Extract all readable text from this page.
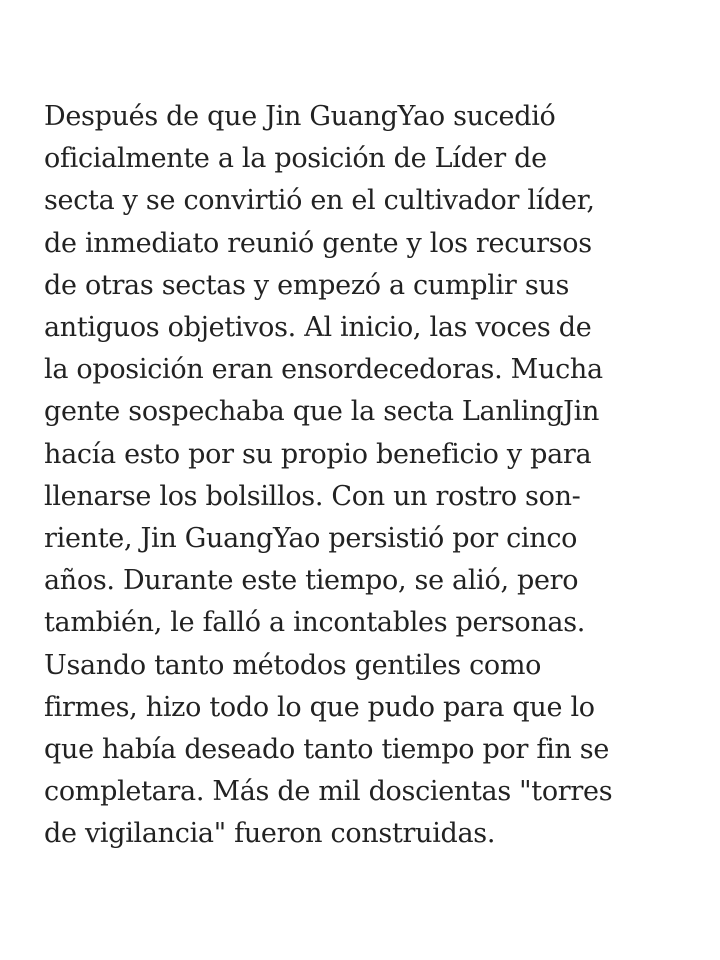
Después de que Jin GuangYao sucedió
oficialmente a la posición de Líder de
secta y se convirtió en el cultivador líder,
de inmediato reunió gente y los recursos
de otras sectas y empezó a cumplir sus
antiguos objetivos. Al inicio, las voces de
la oposición eran ensordecedoras. Mucha
gente sospechaba que la secta LanlingJin
hacía esto por su propio beneficio y para
llenarse los bolsillos. Con un rostro son-
riente, Jin GuangYao persistió por cinco
años. Durante este tiempo, se alió, pero
también, le falló a incontables personas.
Usando tanto métodos gentiles como
firmes, hizo todo lo que pudo para que lo
que había deseado tanto tiempo por fin se
completara. Más de mil doscientas "torres
de vigilancia" fueron construidas.
